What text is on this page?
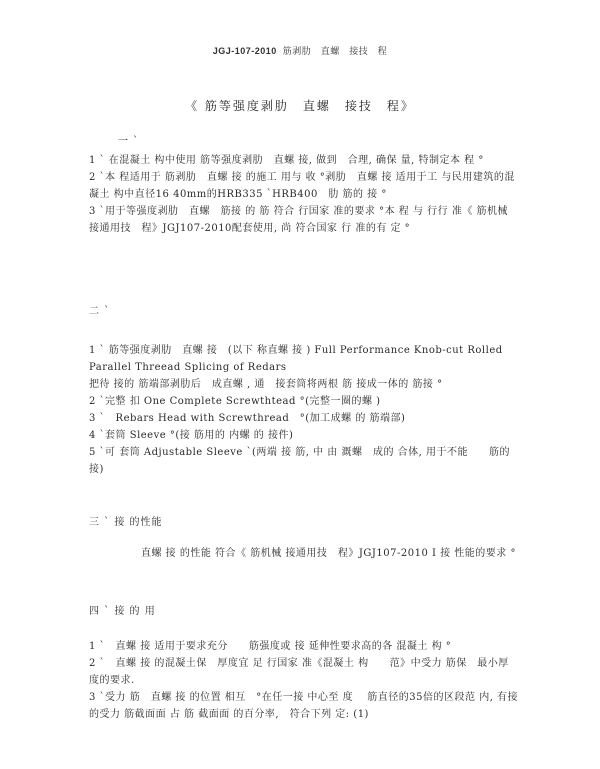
JGJ-107-2010 筋剥肋　直螺　接技　程
《 筋等强度剥肋　直螺　接技　程》
一 `

1 ` 在混凝土 构中使用 筋等强度剥肋　直螺 接, 做到　合理, 确保 量, 特制定本 程 °

2 `本 程适用于 筋剥肋　直螺 接 的施工 用与 收 °剥肋　直螺 接 适用于工 与民用建筑的混凝土 构中直径16 40mm的HRB335 `HRB400　肋 筋的 接 °

3 `用于等强度剥肋　直螺　筋接 的 筋 符合 行国家 准的要求 °本 程 与 行行 准《 筋机械 接通用技　程》JGJ107-2010配套使用, 尚 符合国家 行 准的有 定 °

二 `

1 ` 筋等强度剥肋　直螺 接　(以下 称直螺 接 ) Full Performance Knob-cut Rolled Parallel Threead Splicing of Redars

把待 接的 筋端部剥肋后　成直螺 , 通　接套筒将两根 筋 接成一体的 筋接 °

2 `完整 扣 One Complete Screwthtead °(完整一圈的螺 )

3 `　Rebars Head with Screwthread　°(加工成螺 的 筋端部)

4 `套筒 Sleeve °(接 筋用的 内螺 的 接件)

5 `可 套筒 Adjustable Sleeve `(两端 接 筋, 中 由 溉螺　成的 合体, 用于不能　　筋的 接)

三 ` 接 的性能

直螺 接 的性能 符合《 筋机械 接通用技　程》JGJ107-2010 Ⅰ 接 性能的要求 °

四 ` 接 的 用

1 `　直螺 接 适用于要求充分　　筋强度或 接 延伸性要求高的各 混凝土 构 °

2 `　直螺 接 的混凝土保　厚度宜 足 行国家 准《混凝土 构　　范》中受力 筋保　最小厚度的要求.

3 `受力 筋　直螺 接 的位置 相互　°在任一接 中心至 度　 筋直径的35倍的区段范 内, 有接 的受力 筋截面面 占 筋 截面面 的百分率,　符合下列 定: (1)
